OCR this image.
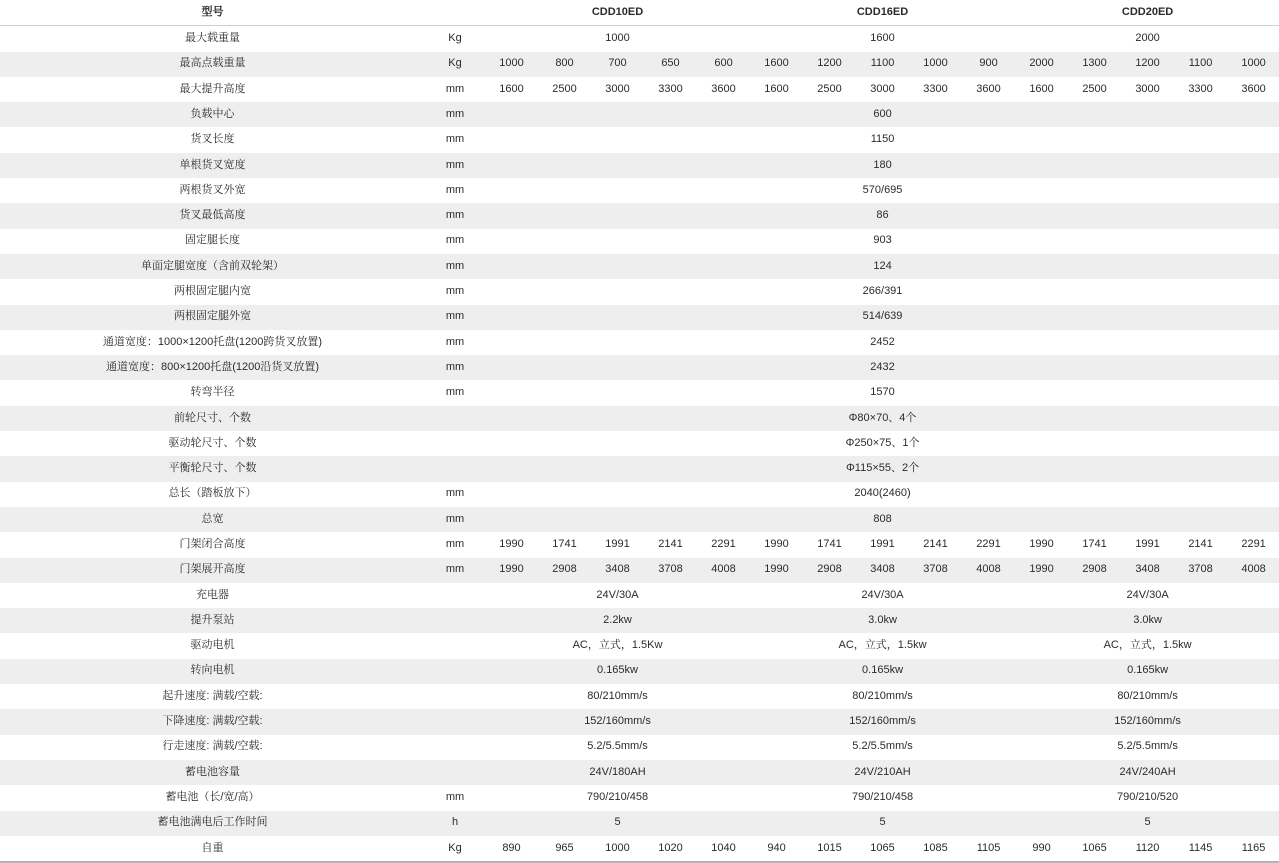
型号		CDD10ED					CDD16ED					CDD20ED				
最大载重量	Kg	1000					1600					2000				
最高点载重量	Kg	1000	800	700	650	600	1600	1200	1100	1000	900	2000	1300	1200	1100	1000
最大提升高度	mm	1600	2500	3000	3300	3600	1600	2500	3000	3300	3600	1600	2500	3000	3300	3600
负载中心	mm	600														
货叉长度	mm	1150														
单根货叉宽度	mm	180														
两根货叉外宽	mm	570/695														
货叉最低高度	mm	86														
固定腿长度	mm	903														
单面定腿宽度（含前双轮架）	mm	124														
两根固定腿内宽	mm	266/391														
两根固定腿外宽	mm	514/639														
通道宽度：1000×1200托盘(1200跨货叉放置)	mm	2452														
通道宽度：800×1200托盘(1200沿货叉放置)	mm	2432														
转弯半径	mm	1570														
前轮尺寸、个数		Φ80×70、4个														
驱动轮尺寸、个数		Φ250×75、1个														
平衡轮尺寸、个数		Φ115×55、2个														
总长（踏板放下）	mm	2040(2460)														
总宽	mm	808														
门架闭合高度	mm	1990	1741	1991	2141	2291	1990	1741	1991	2141	2291	1990	1741	1991	2141	2291
门架展开高度	mm	1990	2908	3408	3708	4008	1990	2908	3408	3708	4008	1990	2908	3408	3708	4008
充电器		24V/30A					24V/30A					24V/30A				
提升泵站		2.2kw					3.0kw					3.0kw				
驱动电机		AC，立式，1.5Kw					AC，立式，1.5kw					AC，立式，1.5kw				
转向电机		0.165kw					0.165kw					0.165kw				
起升速度: 满载/空载:		80/210mm/s					80/210mm/s					80/210mm/s				
下降速度: 满载/空载:		152/160mm/s					152/160mm/s					152/160mm/s				
行走速度: 满载/空载:		5.2/5.5mm/s					5.2/5.5mm/s					5.2/5.5mm/s				
蓄电池容量		24V/180AH					24V/210AH					24V/240AH				
蓄电池（长/宽/高）	mm	790/210/458					790/210/458					790/210/520				
蓄电池满电后工作时间	h	5					5					5				
自重	Kg	890	965	1000	1020	1040	940	1015	1065	1085	1105	990	1065	1120	1145	1165
